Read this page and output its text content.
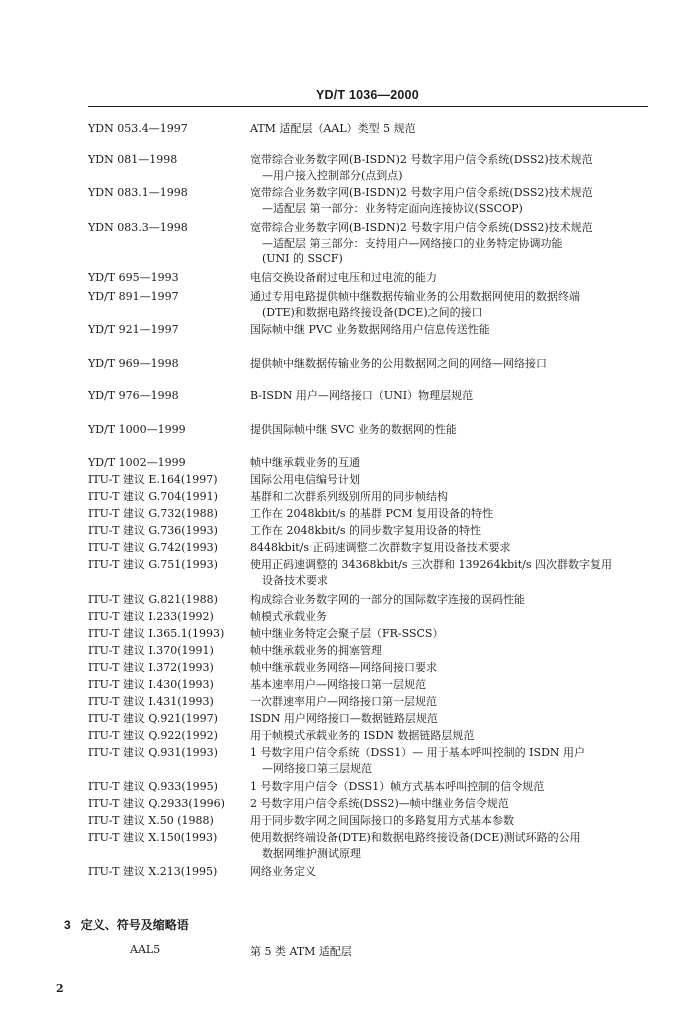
YD/T 1036—2000
YDN 053.4—1997	ATM 适配层（AAL）类型 5 规范
YDN 081—1998	宽带综合业务数字网(B-ISDN)2 号数字用户信令系统(DSS2)技术规范
—用户接入控制部分(点到点)
YDN 083.1—1998	宽带综合业务数字网(B-ISDN)2 号数字用户信令系统(DSS2)技术规范
—适配层 第一部分：业务特定面向连接协议(SSCOP)
YDN 083.3—1998	宽带综合业务数字网(B-ISDN)2 号数字用户信令系统(DSS2)技术规范
—适配层 第三部分：支持用户—网络接口的业务特定协调功能
(UNI 的 SSCF)
YD/T 695—1993	电信交换设备耐过电压和过电流的能力
YD/T 891—1997	通过专用电路提供帧中继数据传输业务的公用数据网使用的数据终端
(DTE)和数据电路终接设备(DCE)之间的接口
YD/T 921—1997	国际帧中继 PVC 业务数据网络用户信息传送性能
YD/T 969—1998	提供帧中继数据传输业务的公用数据网之间的网络—网络接口
YD/T 976—1998	B-ISDN 用户—网络接口（UNI）物理层规范
YD/T 1000—1999	提供国际帧中继 SVC 业务的数据网的性能
YD/T 1002—1999	帧中继承载业务的互通
ITU-T 建议 E.164(1997)	国际公用电信编号计划
ITU-T 建议 G.704(1991)	基群和二次群系列级别所用的同步帧结构
ITU-T 建议 G.732(1988)	工作在 2048kbit/s 的基群 PCM 复用设备的特性
ITU-T 建议 G.736(1993)	工作在 2048kbit/s 的同步数字复用设备的特性
ITU-T 建议 G.742(1993)	8448kbit/s 正码速调整二次群数字复用设备技术要求
ITU-T 建议 G.751(1993)	使用正码速调整的 34368kbit/s 三次群和 139264kbit/s 四次群数字复用
设备技术要求
ITU-T 建议 G.821(1988)	构成综合业务数字网的一部分的国际数字连接的误码性能
ITU-T 建议 I.233(1992)	帧模式承载业务
ITU-T 建议 I.365.1(1993) 帧中继业务特定会聚子层（FR-SSCS）
ITU-T 建议 I.370(1991)	帧中继承载业务的拥塞管理
ITU-T 建议 I.372(1993)	帧中继承载业务网络—网络间接口要求
ITU-T 建议 I.430(1993)	基本速率用户—网络接口第一层规范
ITU-T 建议 I.431(1993)	一次群速率用户—网络接口第一层规范
ITU-T 建议 Q.921(1997)	ISDN 用户网络接口—数据链路层规范
ITU-T 建议 Q.922(1992)	用于帧模式承载业务的 ISDN 数据链路层规范
ITU-T 建议 Q.931(1993)	1 号数字用户信令系统（DSS1）— 用于基本呼叫控制的 ISDN 用户
—网络接口第三层规范
ITU-T 建议 Q.933(1995)	1 号数字用户信令（DSS1）帧方式基本呼叫控制的信令规范
ITU-T 建议 Q.2933(1996) 2 号数字用户信令系统(DSS2)—帧中继业务信令规范
ITU-T 建议 X.50 (1988)	用于同步数字网之间国际接口的多路复用方式基本参数
ITU-T 建议 X.150(1993)	使用数据终端设备(DTE)和数据电路终接设备(DCE)测试环路的公用
数据网维护测试原理
ITU-T 建议 X.213(1995)	网络业务定义
3 定义、符号及缩略语
AAL5	第 5 类 ATM 适配层
2
